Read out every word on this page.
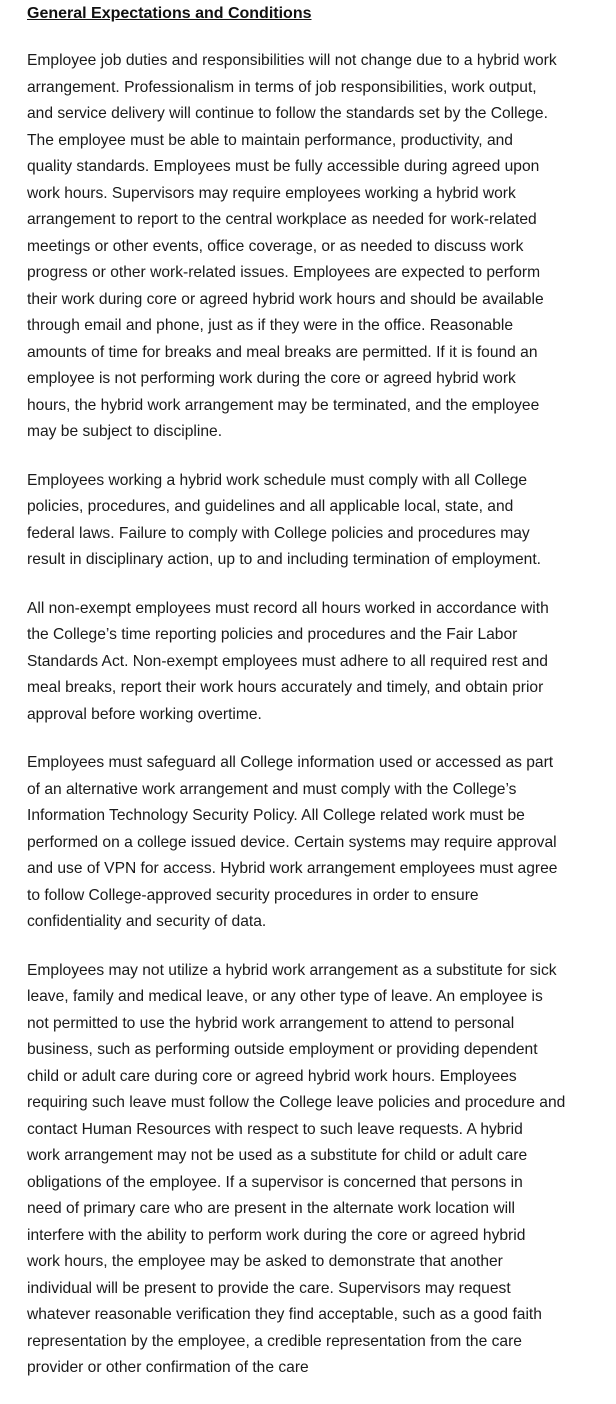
General Expectations and Conditions
Employee job duties and responsibilities will not change due to a hybrid work
arrangement. Professionalism in terms of job responsibilities, work output,
and service delivery will continue to follow the standards set by the College.
The employee must be able to maintain performance, productivity, and
quality standards. Employees must be fully accessible during agreed upon
work hours. Supervisors may require employees working a hybrid work
arrangement to report to the central workplace as needed for work-related
meetings or other events, office coverage, or as needed to discuss work
progress or other work-related issues. Employees are expected to perform
their work during core or agreed hybrid work hours and should be available
through email and phone, just as if they were in the office. Reasonable
amounts of time for breaks and meal breaks are permitted. If it is found an
employee is not performing work during the core or agreed hybrid work
hours, the hybrid work arrangement may be terminated, and the employee
may be subject to discipline.
Employees working a hybrid work schedule must comply with all College
policies, procedures, and guidelines and all applicable local, state, and
federal laws. Failure to comply with College policies and procedures may
result in disciplinary action, up to and including termination of employment.
All non-exempt employees must record all hours worked in accordance with
the College’s time reporting policies and procedures and the Fair Labor
Standards Act. Non-exempt employees must adhere to all required rest and
meal breaks, report their work hours accurately and timely, and obtain prior
approval before working overtime.
Employees must safeguard all College information used or accessed as part
of an alternative work arrangement and must comply with the College’s
Information Technology Security Policy. All College related work must be
performed on a college issued device. Certain systems may require approval
and use of VPN for access. Hybrid work arrangement employees must agree
to follow College-approved security procedures in order to ensure
confidentiality and security of data.
Employees may not utilize a hybrid work arrangement as a substitute for sick
leave, family and medical leave, or any other type of leave. An employee is
not permitted to use the hybrid work arrangement to attend to personal
business, such as performing outside employment or providing dependent
child or adult care during core or agreed hybrid work hours. Employees
requiring such leave must follow the College leave policies and procedure and
contact Human Resources with respect to such leave requests. A hybrid
work arrangement may not be used as a substitute for child or adult care
obligations of the employee. If a supervisor is concerned that persons in
need of primary care who are present in the alternate work location will
interfere with the ability to perform work during the core or agreed hybrid
work hours, the employee may be asked to demonstrate that another
individual will be present to provide the care. Supervisors may request
whatever reasonable verification they find acceptable, such as a good faith
representation by the employee, a credible representation from the care
provider or other confirmation of the care
